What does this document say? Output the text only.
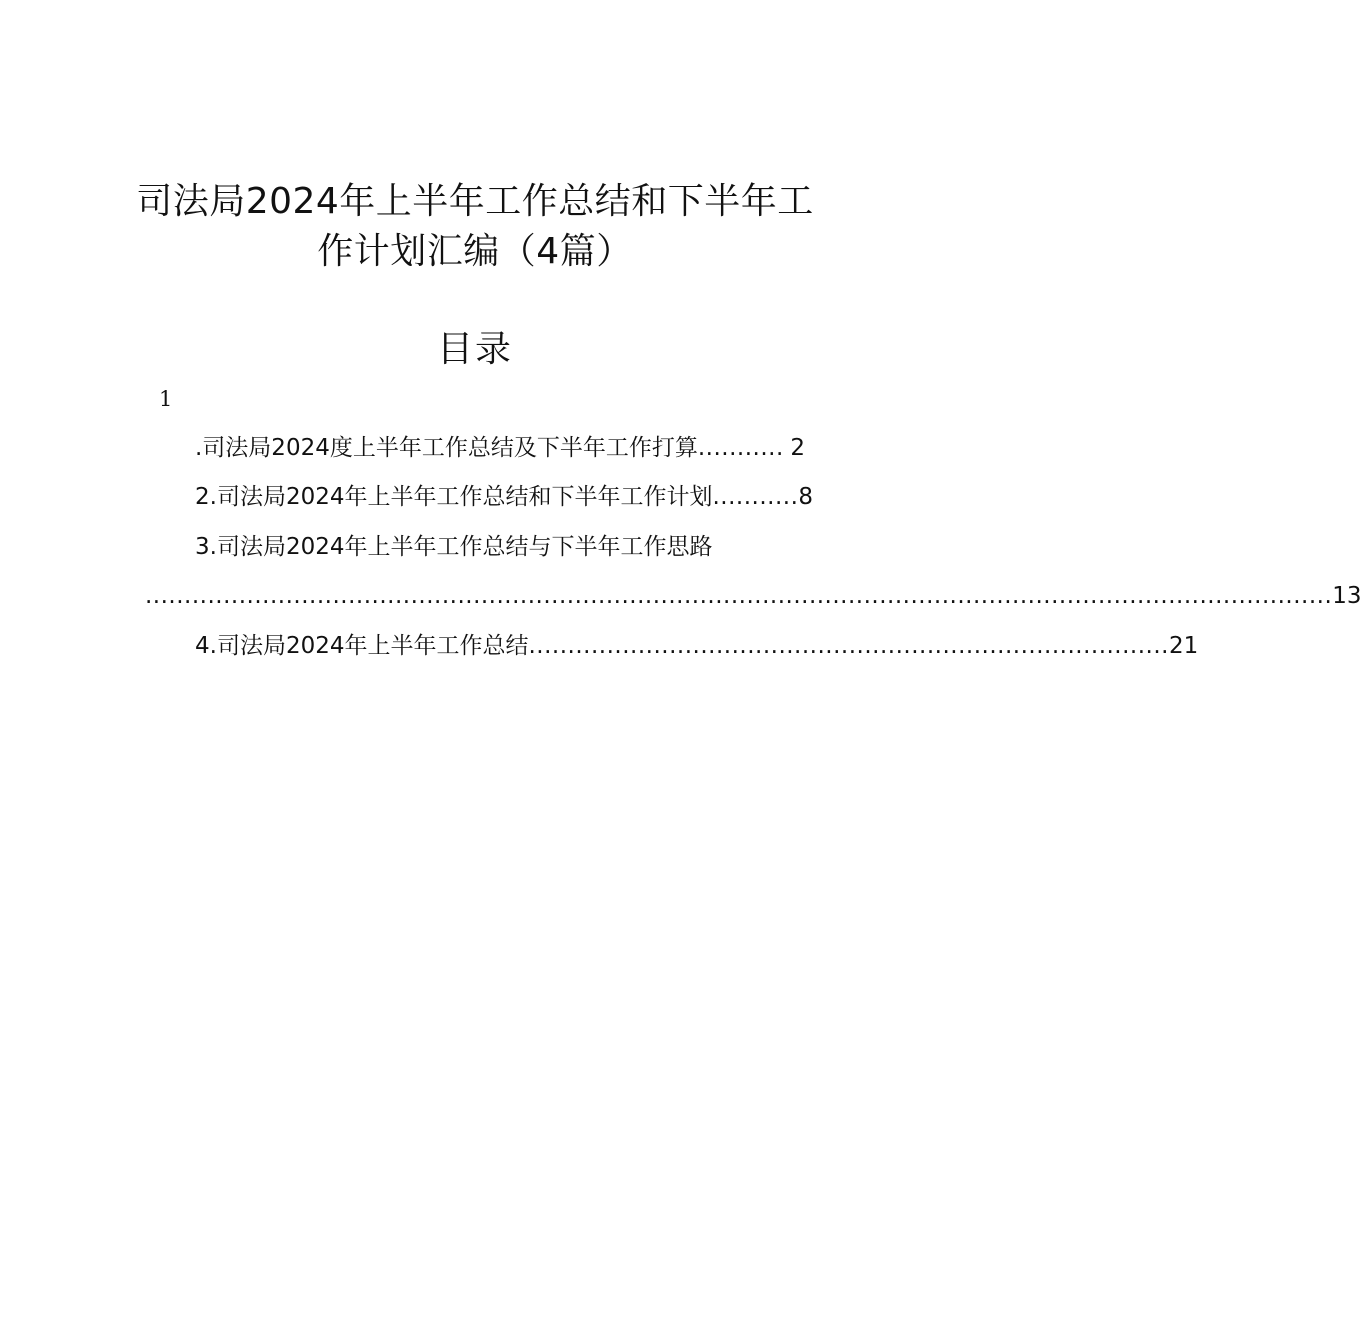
司法局2024年上半年工作总结和下半年工
作计划汇编（4篇）
目录
1
.司法局2024度上半年工作总结及下半年工作打算 ........... 2
2.司法局2024年上半年工作总结和下半年工作计划 ........... 8
3.司法局2024年上半年工作总结与下半年工作思路
........................................................................................................................................................ 13
4.司法局2024年上半年工作总结 .................................................................................. 21
